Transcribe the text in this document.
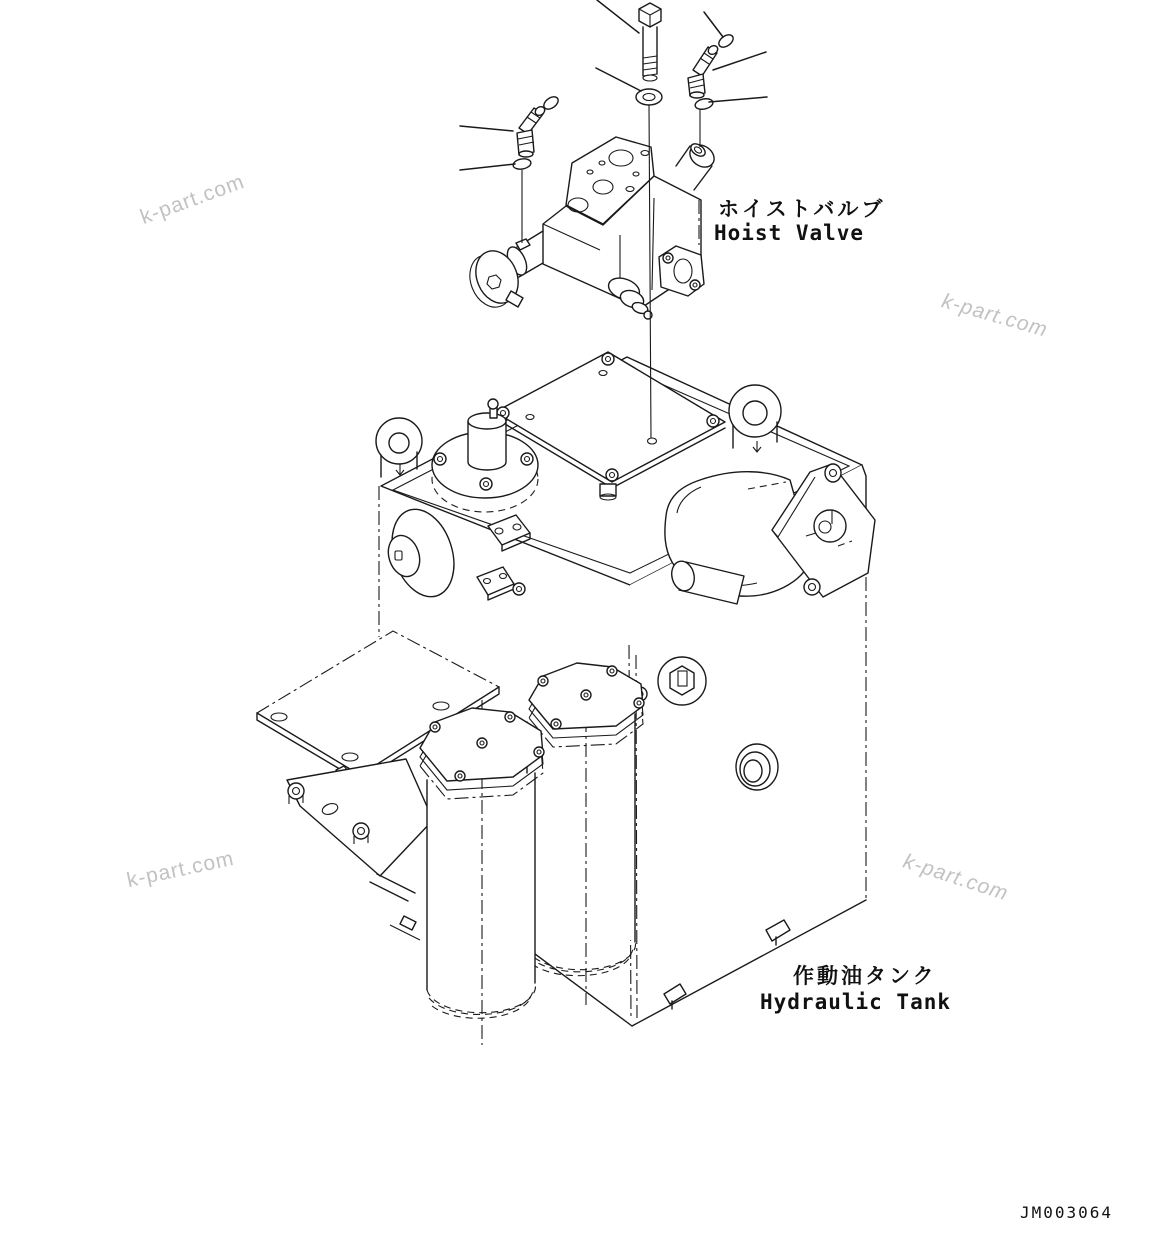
k-part.com
k-part.com
k-part.com	k-part.com
ホイストバルブ
Hoist Valve
作動油タンク
Hydraulic Tank
JM003064
